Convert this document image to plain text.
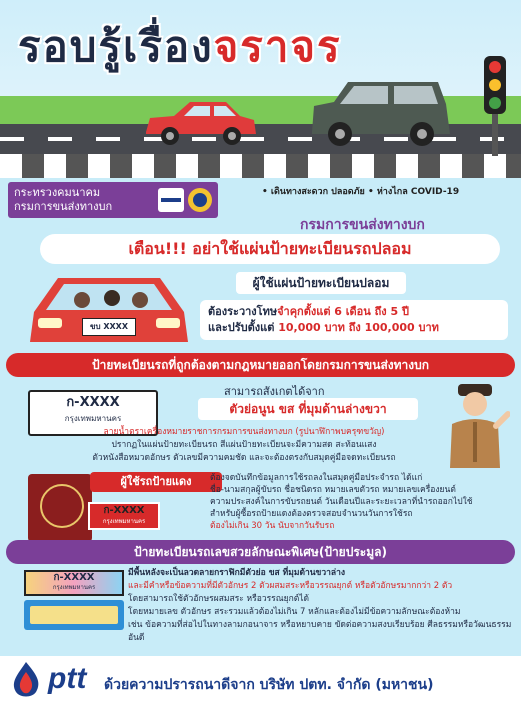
รอบรู้เรื่องจราจร
กระทรวงคมนาคม
กรมการขนส่งทางบก
• เดินทางสะดวก ปลอดภัย • ห่างไกล COVID-19
กรมการขนส่งทางบก
เตือน!!! อย่าใช้แผ่นป้ายทะเบียนรถปลอม
ขบ XXXX
ผู้ใช้แผ่นป้ายทะเบียนปลอม
ต้องระวางโทษจำคุกตั้งแต่ 6 เดือน ถึง 5 ปี
และปรับตั้งแต่ 10,000 บาท ถึง 100,000 บาท
ป้ายทะเบียนรถที่ถูกต้องตามกฎหมายออกโดยกรมการขนส่งทางบก
ก-XXXX
กรุงเทพมหานคร
สามารถสังเกตได้จาก
ตัวย่อนูน ขส ที่มุมด้านล่างขวา
ลายน้ำตราเครื่องหมายราชการกรมการขนส่งทางบก (รูปนาฬิกาพบครุฑขวัญ)
ปรากฏในแผ่นป้ายทะเบียนรถ สีแผ่นป้ายทะเบียนจะมีความสด สะท้อนแสง
ตัวหนังสือหมวดอักษร ตัวเลขมีความคมชัด และจะต้องตรงกับสมุดคู่มือจดทะเบียนรถ
ผู้ใช้รถป้ายแดง
ก-XXXX
กรุงเทพมหานคร
ต้องจดบันทึกข้อมูลการใช้รถลงในสมุดคู่มือประจำรถ ได้แก่
ชื่อ-นามสกุลผู้ขับรถ ชื่อชนิดรถ หมายเลขตัวรถ หมายเลขเครื่องยนต์
ความประสงค์ในการขับรถยนต์ วันเดือนปีและระยะเวลาที่นำรถออกไปใช้
สำหรับผู้ซื้อรถป้ายแดงต้องตรวจสอบจำนวนวันการใช้รถ
ต้องไม่เกิน 30 วัน นับจากวันรับรถ
ป้ายทะเบียนรถเลขสวยลักษณะพิเศษ(ป้ายประมูล)
ก-XXXX
กรุงเทพมหานคร
มีพื้นหลังจะเป็นลวดลายกราฟิกมีตัวย่อ ขส ที่มุมด้านขวาล่าง
และมีคำหรือข้อความที่มีตัวอักษร 2 ตัวผสมสระหรือวรรณยุกต์ หรือตัวอักษรมากกว่า 2 ตัว
โดยสามารถใช้ตัวอักษรผสมสระ หรือวรรณยุกต์ได้
โดยหมายเลข ตัวอักษร สระรวมแล้วต้องไม่เกิน 7 หลักและต้องไม่มีข้อความลักษณะต้องห้าม
เช่น ข้อความที่ส่อไปในทางลามกอนาจาร หรือหยาบคาย ขัดต่อความสงบเรียบร้อย ศีลธรรมหรือวัฒนธรรมอันดี
ptt ด้วยความปรารถนาดีจาก บริษัท ปตท. จำกัด (มหาชน)
